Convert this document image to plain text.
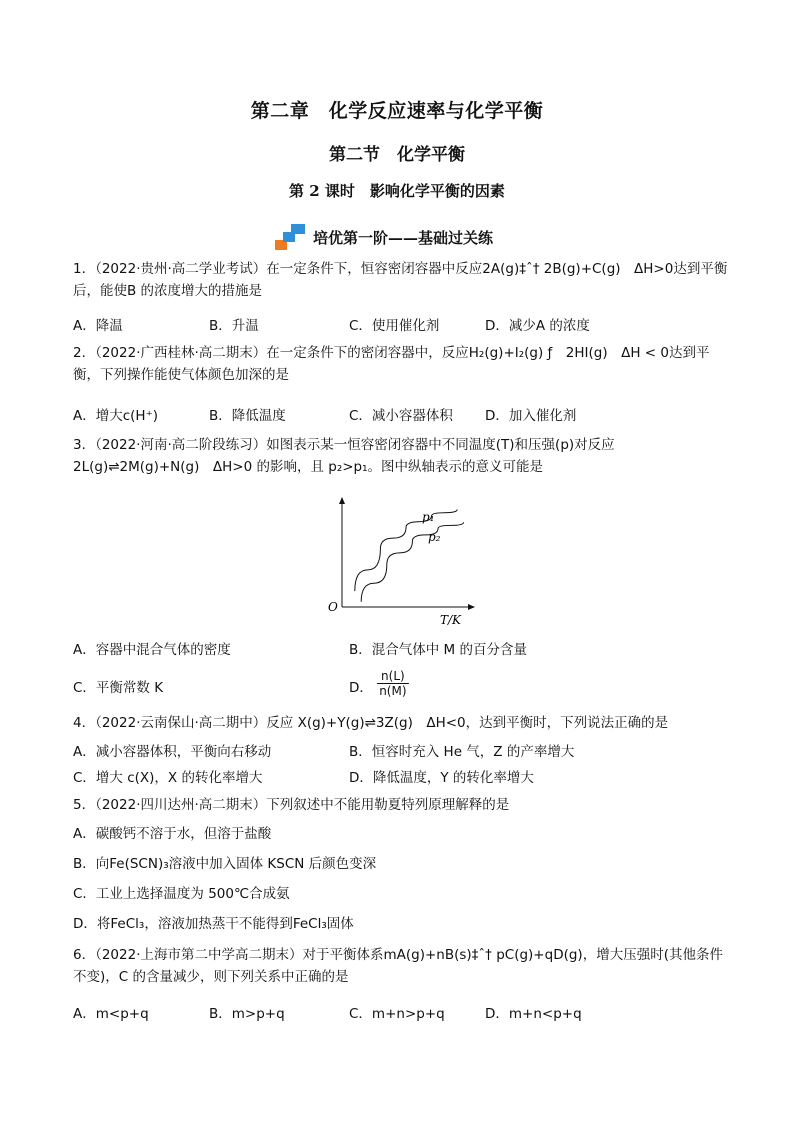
第二章　化学反应速率与化学平衡
第二节　化学平衡
第 2 课时　影响化学平衡的因素
培优第一阶——基础过关练
1．（2022·贵州·高二学业考试）在一定条件下，恒容密闭容器中反应2A(g)‡ˆ† 2B(g)+C(g)　ΔH>0达到平衡后，能使B 的浓度增大的措施是
A．降温	B．升温	C．使用催化剂	D．减少A 的浓度
2．（2022·广西桂林·高二期末）在一定条件下的密闭容器中，反应H₂(g)+I₂(g) ƒ　2HI(g)　ΔH < 0达到平衡，下列操作能使气体颜色加深的是
A．增大c(H⁺)	B．降低温度	C．减小容器体积 D．加入催化剂
3．（2022·河南·高二阶段练习）如图表示某一恒容密闭容器中不同温度(T)和压强(p)对反应2L(g)⇌2M(g)+N(g)　ΔH>0 的影响，且 p₂>p₁。图中纵轴表示的意义可能是
O
T/K
p₁
p₂
A．容器中混合气体的密度	B．混合气体中 M 的百分含量
C．平衡常数 K	D． $\frac{n(L)}{n(M)}$
4．（2022·云南保山·高二期中）反应 X(g)+Y(g)⇌3Z(g)　ΔH<0，达到平衡时，下列说法正确的是
A．减小容器体积，平衡向右移动	B．恒容时充入 He 气，Z 的产率增大
C．增大 c(X)，X 的转化率增大	D．降低温度，Y 的转化率增大
5．（2022·四川达州·高二期末）下列叙述中不能用勒夏特列原理解释的是
A．碳酸钙不溶于水，但溶于盐酸
B．向Fe(SCN)₃溶液中加入固体 KSCN 后颜色变深
C．工业上选择温度为 500℃合成氨
D．将FeCl₃，溶液加热蒸干不能得到FeCl₃固体
6．（2022·上海市第二中学高二期末）对于平衡体系mA(g)+nB(s)‡ˆ† pC(g)+qD(g)，增大压强时(其他条件不变)，C 的含量减少，则下列关系中正确的是
A．m<p+q	B．m>p+q	C．m+n>p+q	D．m+n<p+q
